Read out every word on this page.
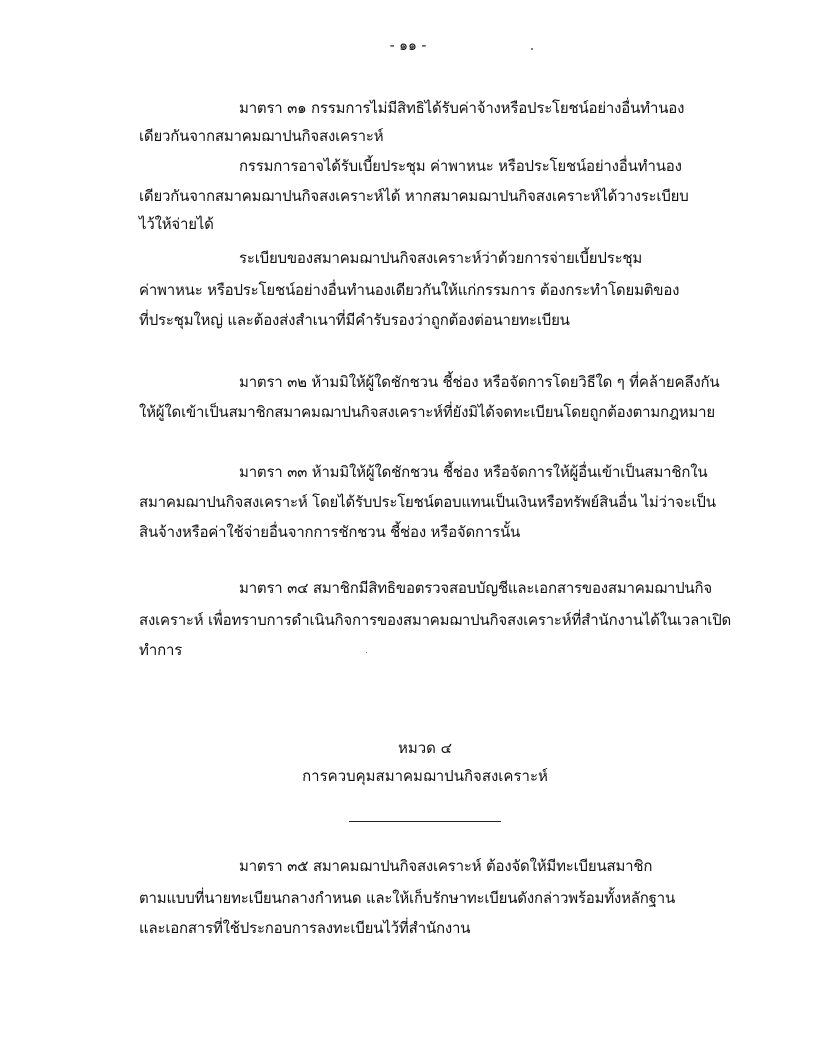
- ๑๑ -
มาตรา ๓๑ กรรมการไม่มีสิทธิได้รับค่าจ้างหรือประโยชน์อย่างอื่นทำนอง
เดียวกันจากสมาคมฌาปนกิจสงเคราะห์
กรรมการอาจได้รับเบี้ยประชุม ค่าพาหนะ หรือประโยชน์อย่างอื่นทำนอง
เดียวกันจากสมาคมฌาปนกิจสงเคราะห์ได้ หากสมาคมฌาปนกิจสงเคราะห์ได้วางระเบียบ
ไว้ให้จ่ายได้
ระเบียบของสมาคมฌาปนกิจสงเคราะห์ว่าด้วยการจ่ายเบี้ยประชุม
ค่าพาหนะ หรือประโยชน์อย่างอื่นทำนองเดียวกันให้แก่กรรมการ ต้องกระทำโดยมติของ
ที่ประชุมใหญ่ และต้องส่งสำเนาที่มีคำรับรองว่าถูกต้องต่อนายทะเบียน
มาตรา ๓๒ ห้ามมิให้ผู้ใดชักชวน ชี้ช่อง หรือจัดการโดยวิธีใด ๆ ที่คล้ายคลึงกัน
ให้ผู้ใดเข้าเป็นสมาชิกสมาคมฌาปนกิจสงเคราะห์ที่ยังมิได้จดทะเบียนโดยถูกต้องตามกฎหมาย
มาตรา ๓๓ ห้ามมิให้ผู้ใดชักชวน ชี้ช่อง หรือจัดการให้ผู้อื่นเข้าเป็นสมาชิกใน
สมาคมฌาปนกิจสงเคราะห์ โดยได้รับประโยชน์ตอบแทนเป็นเงินหรือทรัพย์สินอื่น ไม่ว่าจะเป็น
สินจ้างหรือค่าใช้จ่ายอื่นจากการชักชวน ชี้ช่อง หรือจัดการนั้น
มาตรา ๓๔ สมาชิกมีสิทธิขอตรวจสอบบัญชีและเอกสารของสมาคมฌาปนกิจ
สงเคราะห์ เพื่อทราบการดำเนินกิจการของสมาคมฌาปนกิจสงเคราะห์ที่สำนักงานได้ในเวลาเปิด
ทำการ
หมวด ๔
การควบคุมสมาคมฌาปนกิจสงเคราะห์
มาตรา ๓๕ สมาคมฌาปนกิจสงเคราะห์ ต้องจัดให้มีทะเบียนสมาชิก
ตามแบบที่นายทะเบียนกลางกำหนด และให้เก็บรักษาทะเบียนดังกล่าวพร้อมทั้งหลักฐาน
และเอกสารที่ใช้ประกอบการลงทะเบียนไว้ที่สำนักงาน
